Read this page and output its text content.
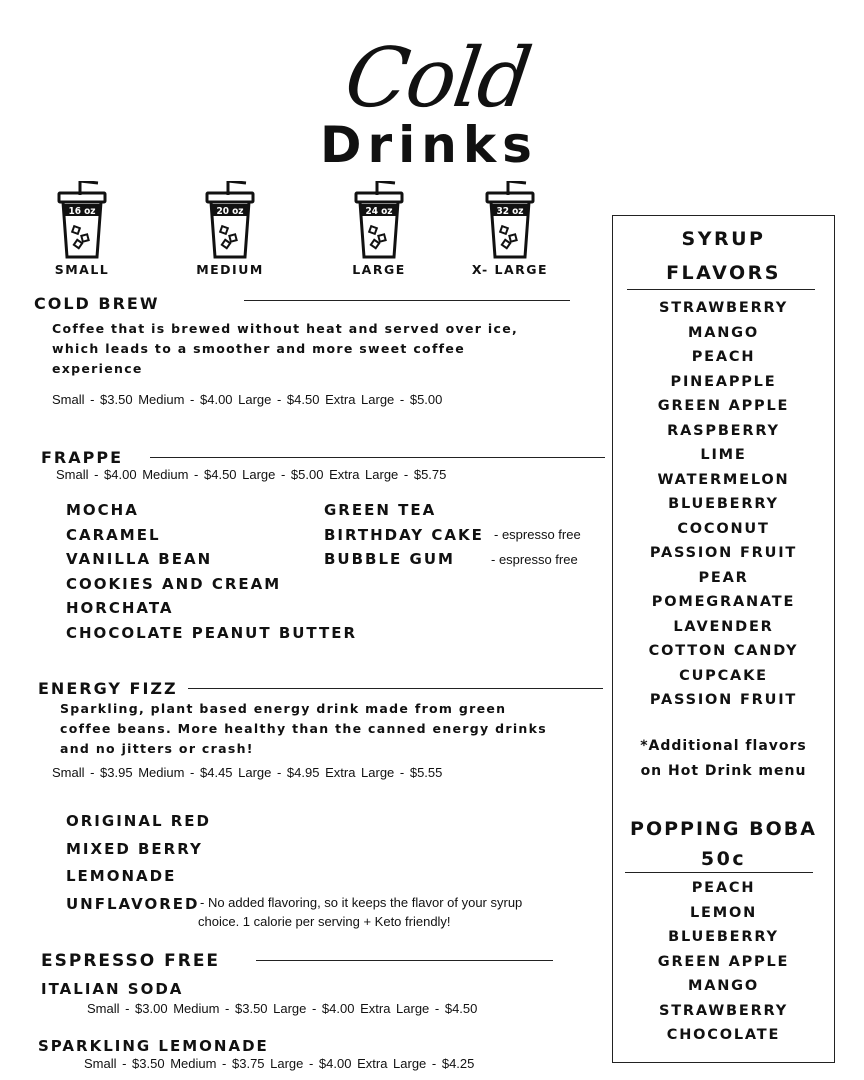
Cold
Drinks
16 oz
SMALL
20 oz
MEDIUM
24 oz
LARGE
32 oz
X- LARGE
COLD BREW
Coffee that is brewed without heat and served over ice,
which leads to a smoother and more sweet coffee
experience
Small - $3.50 Medium - $4.00 Large - $4.50 Extra Large - $5.00
FRAPPE
Small - $4.00 Medium - $4.50 Large - $5.00 Extra Large - $5.75
MOCHA
CARAMEL
VANILLA BEAN
COOKIES AND CREAM
HORCHATA
CHOCOLATE PEANUT BUTTER
GREEN TEA
BIRTHDAY CAKE
BUBBLE GUM
- espresso free
- espresso free
ENERGY FIZZ
Sparkling, plant based energy drink made from green
coffee beans. More healthy than the canned energy drinks
and no jitters or crash!
Small - $3.95 Medium - $4.45 Large - $4.95 Extra Large - $5.55
ORIGINAL RED
MIXED BERRY
LEMONADE
UNFLAVORED - No added flavoring, so it keeps the flavor of your syrup
choice. 1 calorie per serving + Keto friendly!
ESPRESSO FREE
ITALIAN SODA
Small - $3.00 Medium - $3.50 Large - $4.00 Extra Large - $4.50
SPARKLING LEMONADE
Small - $3.50 Medium - $3.75 Large - $4.00 Extra Large - $4.25
SYRUP
FLAVORS
STRAWBERRY
MANGO
PEACH
PINEAPPLE
GREEN APPLE
RASPBERRY
LIME
WATERMELON
BLUEBERRY
COCONUT
PASSION FRUIT
PEAR
POMEGRANATE
LAVENDER
COTTON CANDY
CUPCAKE
PASSION FRUIT
*Additional flavors
on Hot Drink menu
POPPING BOBA
50c
PEACH
LEMON
BLUEBERRY
GREEN APPLE
MANGO
STRAWBERRY
CHOCOLATE
